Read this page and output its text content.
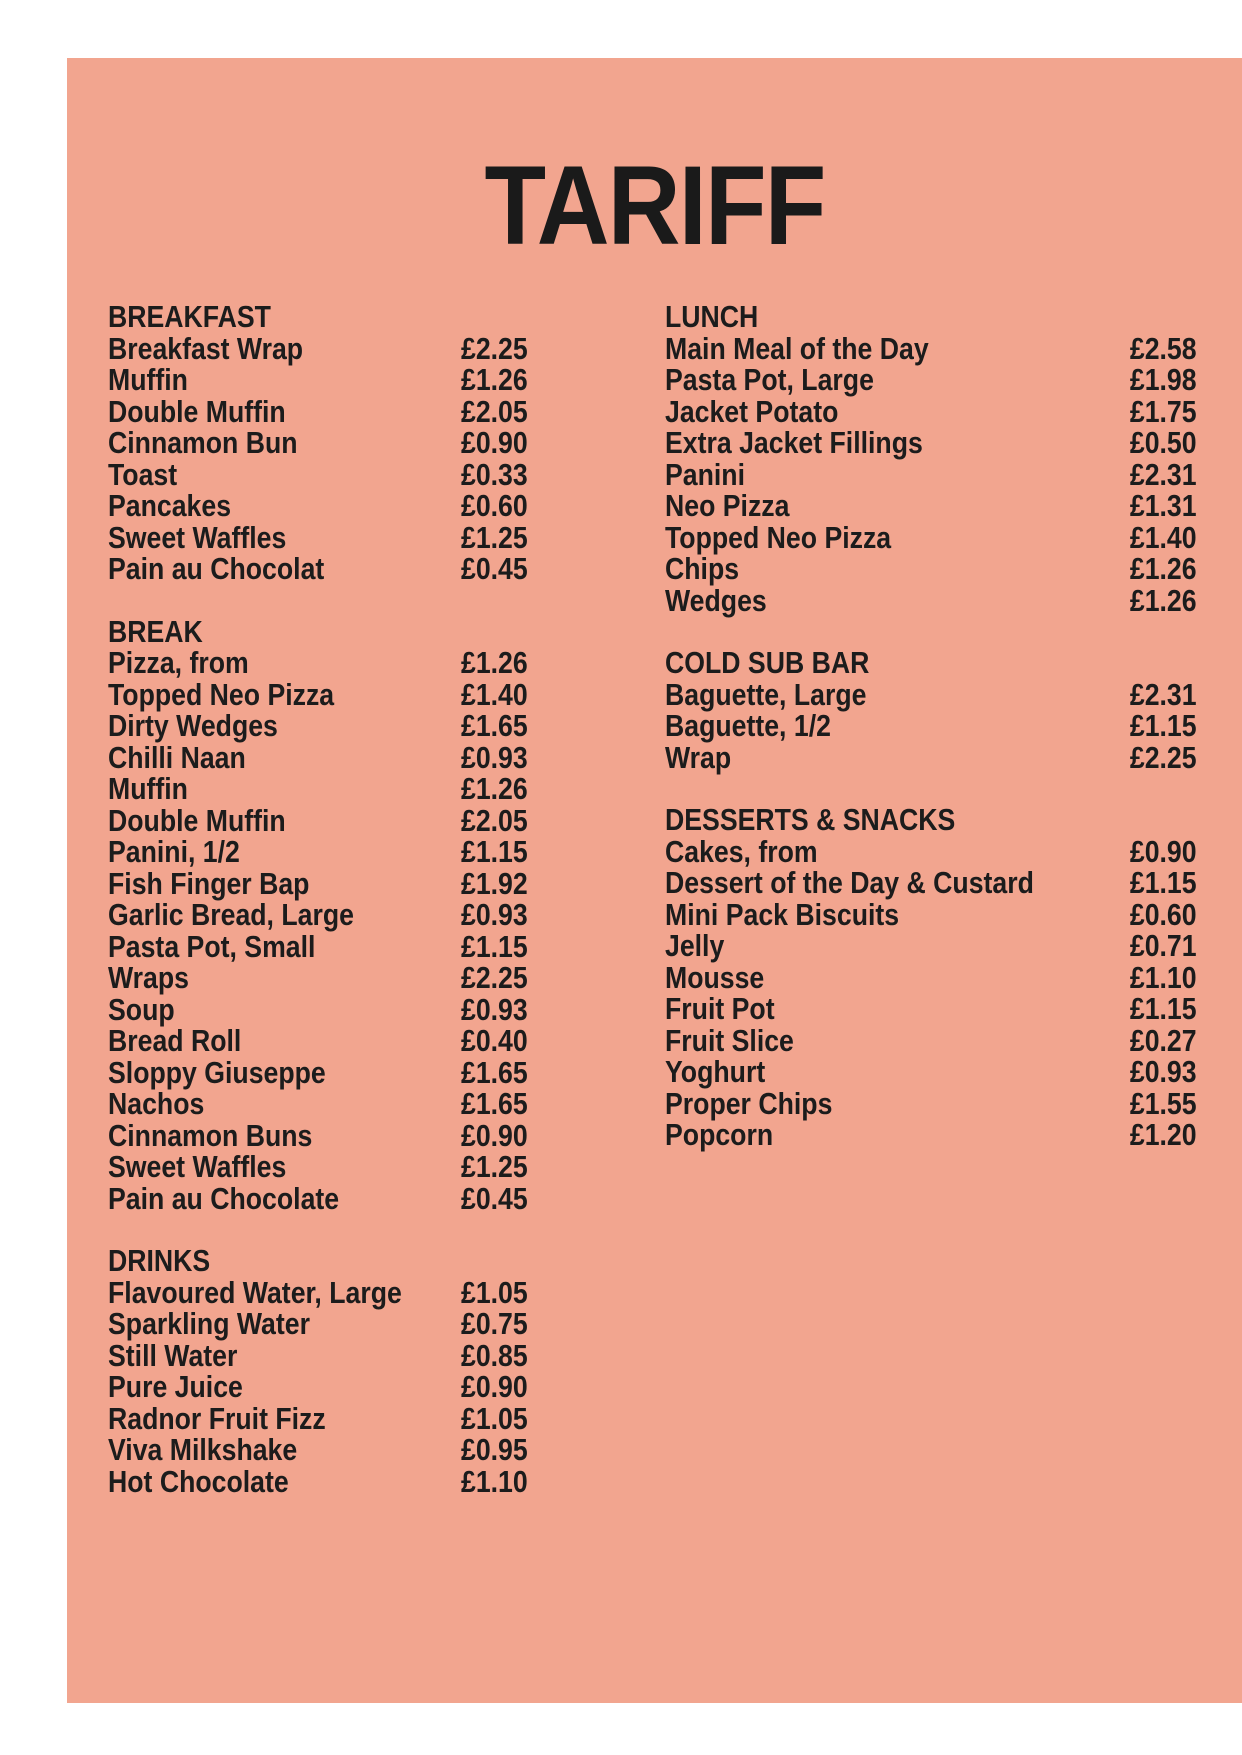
TARIFF
BREAKFAST
Breakfast Wrap	£2.25
Muffin	£1.26
Double Muffin	£2.05
Cinnamon Bun	£0.90
Toast	£0.33
Pancakes	£0.60
Sweet Waffles	£1.25
Pain au Chocolat	£0.45
BREAK
Pizza, from	£1.26
Topped Neo Pizza	£1.40
Dirty Wedges	£1.65
Chilli Naan	£0.93
Muffin	£1.26
Double Muffin	£2.05
Panini, 1/2	£1.15
Fish Finger Bap	£1.92
Garlic Bread, Large	£0.93
Pasta Pot, Small	£1.15
Wraps	£2.25
Soup	£0.93
Bread Roll	£0.40
Sloppy Giuseppe	£1.65
Nachos	£1.65
Cinnamon Buns	£0.90
Sweet Waffles	£1.25
Pain au Chocolate	£0.45
DRINKS
Flavoured Water, Large £1.05
Sparkling Water	£0.75
Still Water	£0.85
Pure Juice	£0.90
Radnor Fruit Fizz	£1.05
Viva Milkshake	£0.95
Hot Chocolate	£1.10
LUNCH
Main Meal of the Day	£2.58
Pasta Pot, Large	£1.98
Jacket Potato	£1.75
Extra Jacket Fillings	£0.50
Panini	£2.31
Neo Pizza	£1.31
Topped Neo Pizza	£1.40
Chips	£1.26
Wedges	£1.26
COLD SUB BAR
Baguette, Large	£2.31
Baguette, 1/2	£1.15
Wrap	£2.25
DESSERTS & SNACKS
Cakes, from	£0.90
Dessert of the Day & Custard	£1.15
Mini Pack Biscuits	£0.60
Jelly	£0.71
Mousse	£1.10
Fruit Pot	£1.15
Fruit Slice	£0.27
Yoghurt	£0.93
Proper Chips	£1.55
Popcorn	£1.20
